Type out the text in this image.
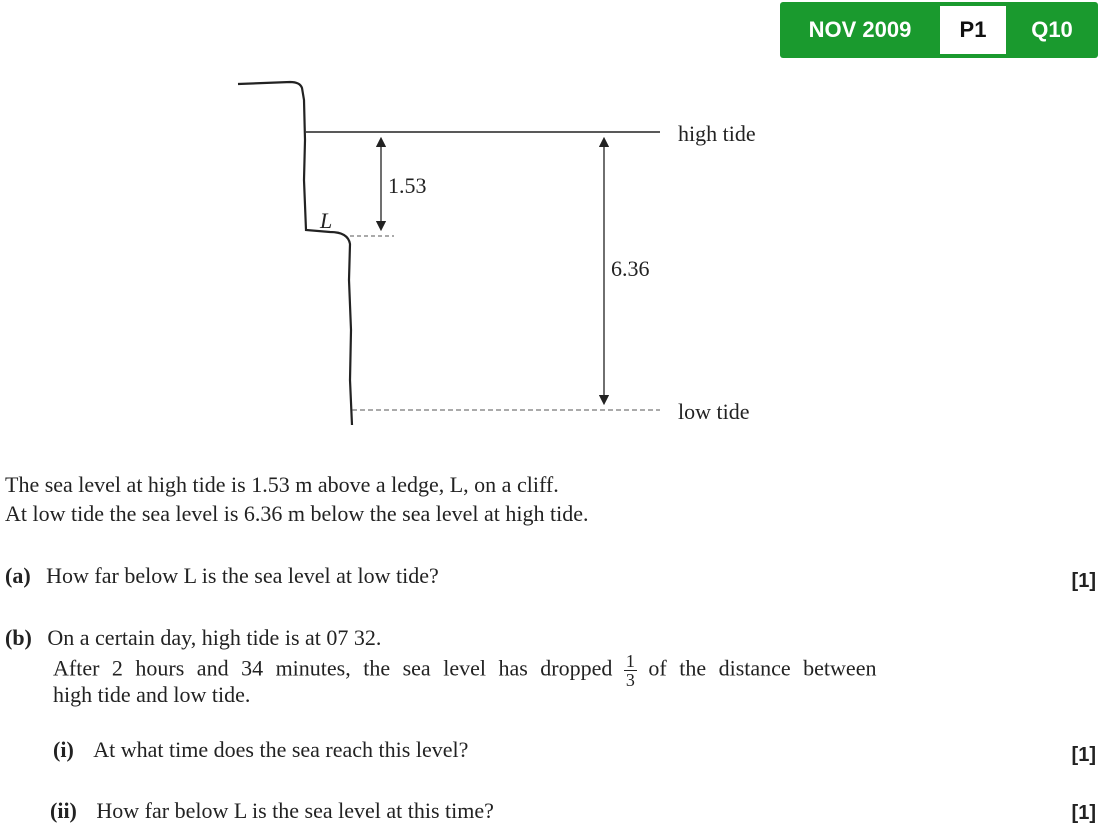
NOV 2009	P1	Q10
high tide
low tide
L
1.53
6.36
The sea level at high tide is 1.53 m above a ledge, L, on a cliff.
At low tide the sea level is 6.36 m below the sea level at high tide.
(a) How far below L is the sea level at low tide?	[1]
(b) On a certain day, high tide is at 07 32.
After 2 hours and 34 minutes, the sea level has dropped $\frac{1}{3}$ of the distance between
high tide and low tide.
(i) At what time does the sea reach this level?	[1]
(ii) How far below L is the sea level at this time?	[1]
